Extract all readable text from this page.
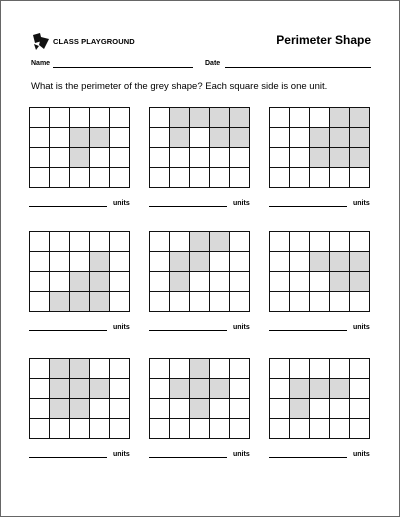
CLASS PLAYGROUND	Perimeter Shape
Name	Date
What is the perimeter of the grey shape? Each square side is one unit.
units	units	units
units	units	units
units	units	units
